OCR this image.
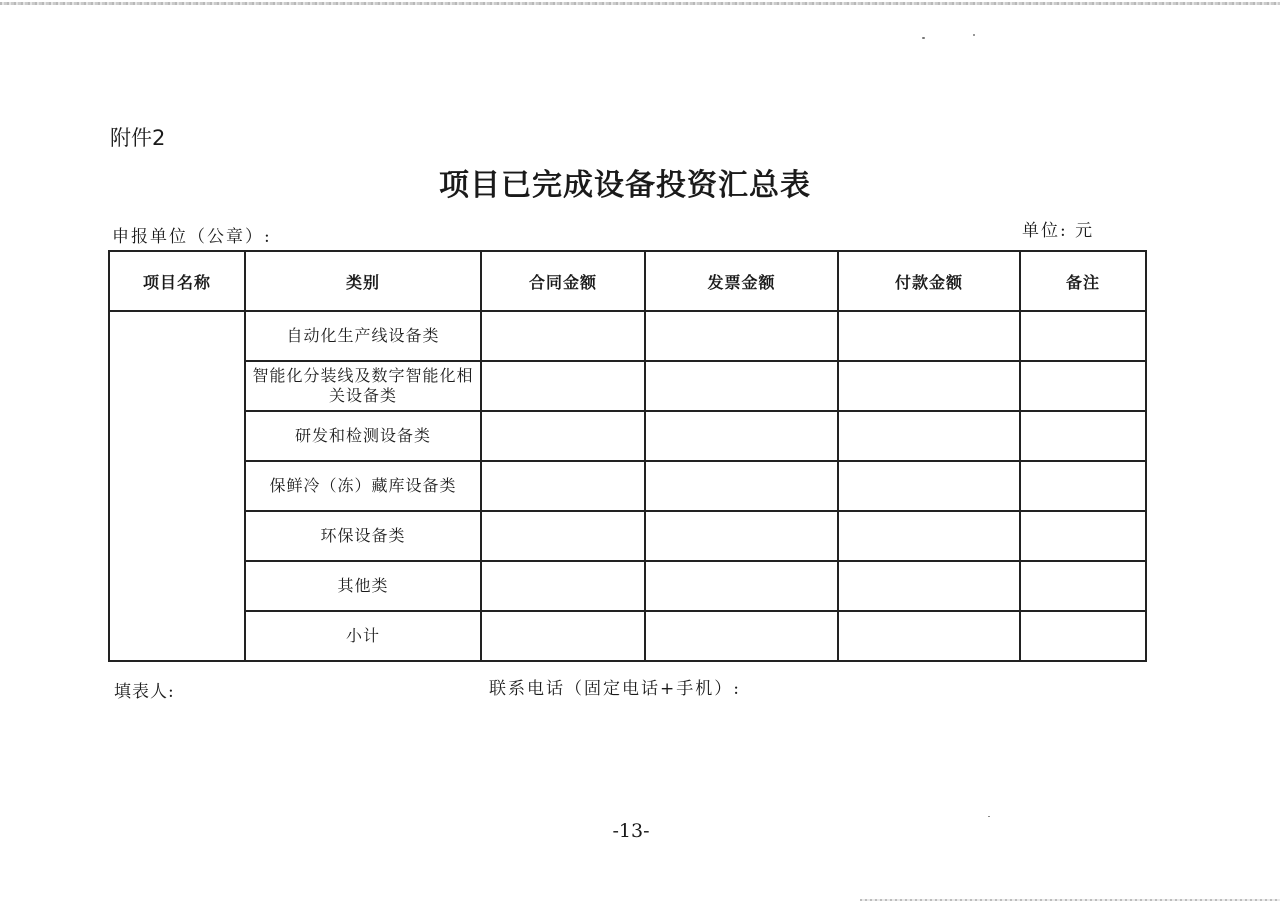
附件2
项目已完成设备投资汇总表
申报单位（公章）:	单位: 元
项目名称	类别	合同金额	发票金额	付款金额	备注
	自动化生产线设备类				
	智能化分装线及数字智能化相关设备类				
	研发和检测设备类				
	保鲜冷（冻）藏库设备类				
	环保设备类				
	其他类				
	小计				
填表人:	联系电话（固定电话+手机）:
-13-
